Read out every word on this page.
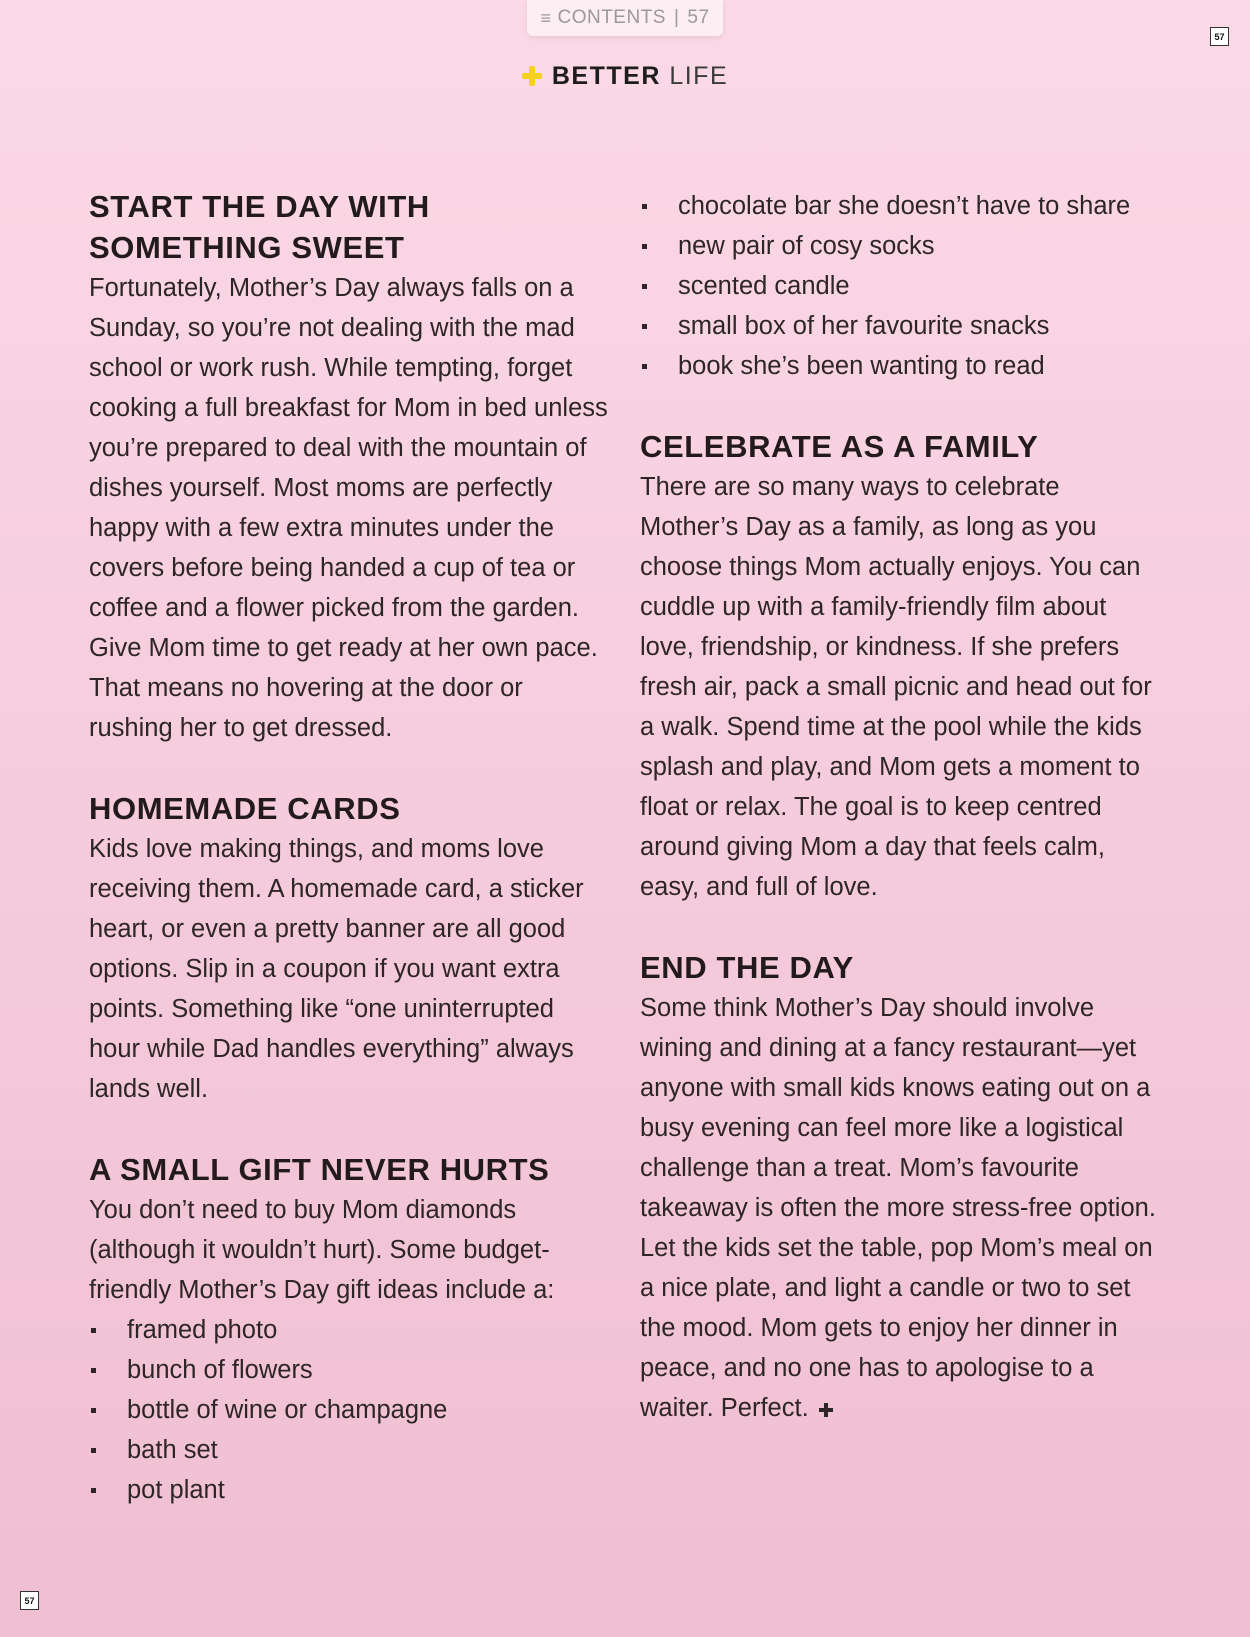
≡ CONTENTS | 57
57
57
BETTER LIFE
START THE DAY WITH SOMETHING SWEET

Fortunately, Mother’s Day always falls on a Sunday, so you’re not dealing with the mad school or work rush. While tempting, forget cooking a full breakfast for Mom in bed unless you’re prepared to deal with the mountain of dishes yourself. Most moms are perfectly happy with a few extra minutes under the covers before being handed a cup of tea or coffee and a flower picked from the garden. Give Mom time to get ready at her own pace. That means no hovering at the door or rushing her to get dressed.

HOMEMADE CARDS

Kids love making things, and moms love receiving them. A homemade card, a sticker heart, or even a pretty banner are all good options. Slip in a coupon if you want extra points. Something like “one uninterrupted hour while Dad handles everything” always lands well.

A SMALL GIFT NEVER HURTS

You don’t need to buy Mom diamonds (although it wouldn’t hurt). Some budget-friendly Mother’s Day gift ideas include a:

framed photo
bunch of flowers
bottle of wine or champagne
bath set
pot plant
chocolate bar she doesn’t have to share
new pair of cosy socks
scented candle
small box of her favourite snacks
book she’s been wanting to read
CELEBRATE AS A FAMILY

There are so many ways to celebrate Mother’s Day as a family, as long as you choose things Mom actually enjoys. You can cuddle up with a family-friendly film about love, friendship, or kindness. If she prefers fresh air, pack a small picnic and head out for a walk. Spend time at the pool while the kids splash and play, and Mom gets a moment to float or relax. The goal is to keep centred around giving Mom a day that feels calm, easy, and full of love.

END THE DAY

Some think Mother’s Day should involve wining and dining at a fancy restaurant—yet anyone with small kids knows eating out on a busy evening can feel more like a logistical challenge than a treat. Mom’s favourite takeaway is often the more stress-free option. Let the kids set the table, pop Mom’s meal on a nice plate, and light a candle or two to set the mood. Mom gets to enjoy her dinner in peace, and no one has to apologise to a waiter. Perfect.
